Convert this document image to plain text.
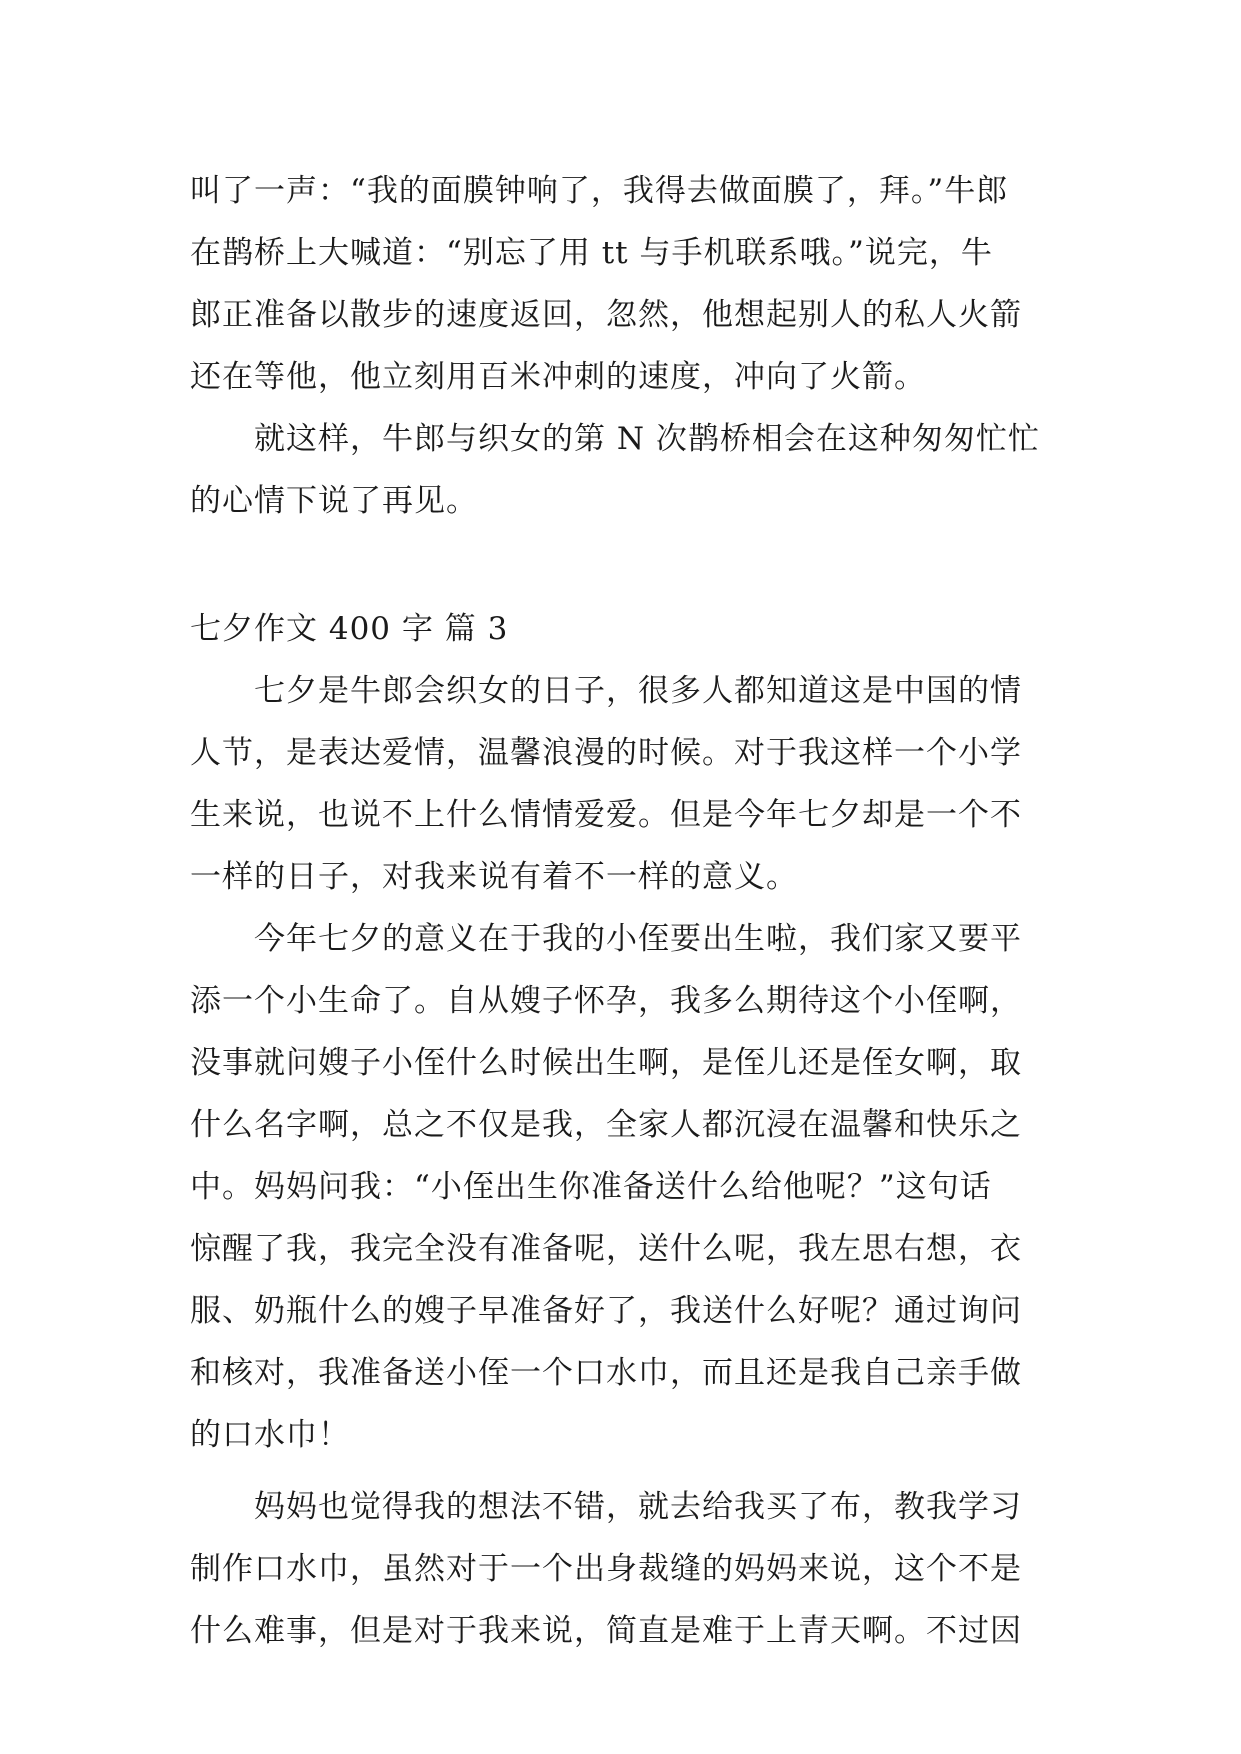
叫了一声：“我的面膜钟响了，我得去做面膜了，拜。”牛郎
在鹊桥上大喊道：“别忘了用 tt 与手机联系哦。”说完，牛
郎正准备以散步的速度返回，忽然，他想起别人的私人火箭
还在等他，他立刻用百米冲刺的速度，冲向了火箭。
就这样，牛郎与织女的第 N 次鹊桥相会在这种匆匆忙忙
的心情下说了再见。
七夕作文 400 字 篇 3
七夕是牛郎会织女的日子，很多人都知道这是中国的情
人节，是表达爱情，温馨浪漫的时候。对于我这样一个小学
生来说，也说不上什么情情爱爱。但是今年七夕却是一个不
一样的日子，对我来说有着不一样的意义。
今年七夕的意义在于我的小侄要出生啦，我们家又要平
添一个小生命了。自从嫂子怀孕，我多么期待这个小侄啊，
没事就问嫂子小侄什么时候出生啊，是侄儿还是侄女啊，取
什么名字啊，总之不仅是我，全家人都沉浸在温馨和快乐之
中。妈妈问我：“小侄出生你准备送什么给他呢？”这句话
惊醒了我，我完全没有准备呢，送什么呢，我左思右想，衣
服、奶瓶什么的嫂子早准备好了，我送什么好呢？通过询问
和核对，我准备送小侄一个口水巾，而且还是我自己亲手做
的口水巾！
妈妈也觉得我的想法不错，就去给我买了布，教我学习
制作口水巾，虽然对于一个出身裁缝的妈妈来说，这个不是
什么难事，但是对于我来说，简直是难于上青天啊。不过因
